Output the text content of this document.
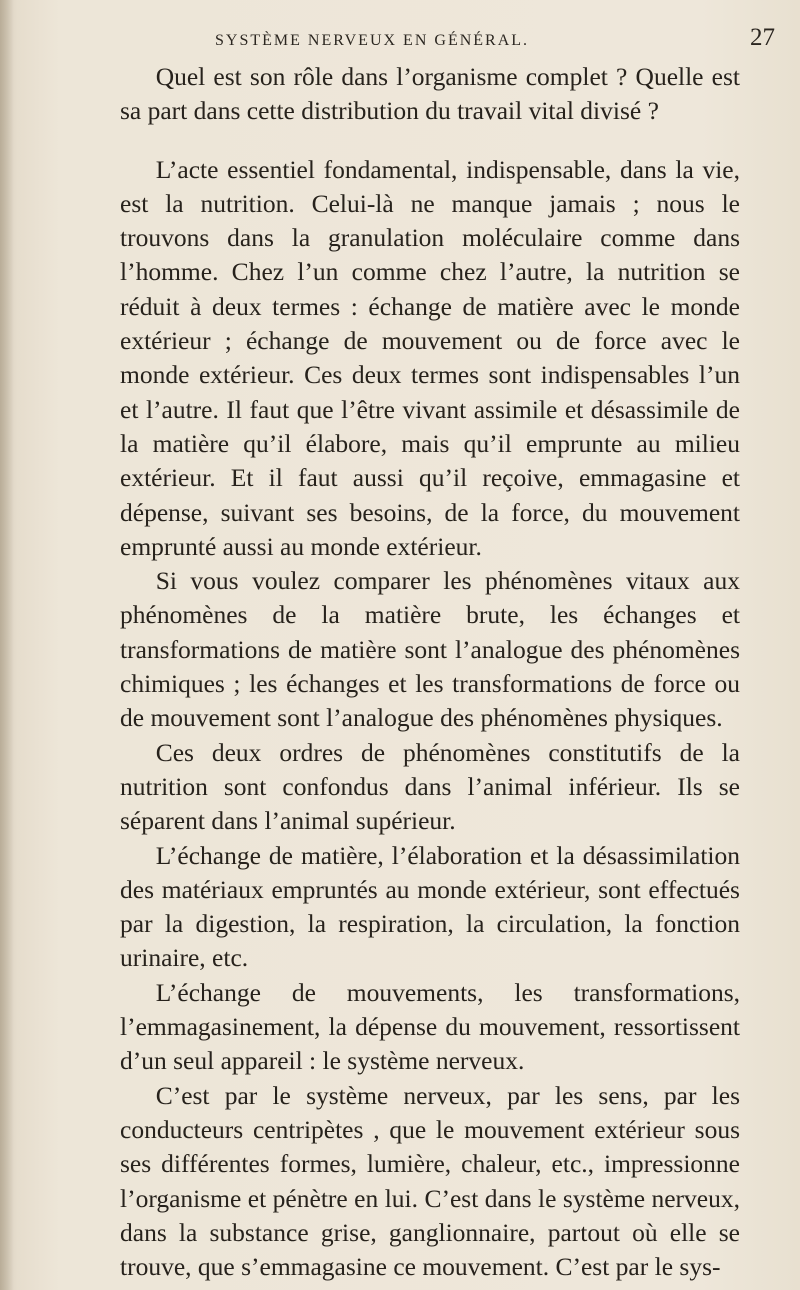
SYSTÈME NERVEUX EN GÉNÉRAL.	27

Quel est son rôle dans l’organisme complet ? Quelle est sa part dans cette distribution du travail vital divisé ?

L’acte essentiel fondamental, indispensable, dans la vie, est la nutrition. Celui-là ne manque jamais ; nous le trouvons dans la granulation moléculaire comme dans l’homme. Chez l’un comme chez l’autre, la nutrition se réduit à deux termes : échange de matière avec le monde extérieur ; échange de mouvement ou de force avec le monde extérieur. Ces deux termes sont indispensables l’un et l’autre. Il faut que l’être vivant assimile et désassimile de la matière qu’il élabore, mais qu’il emprunte au milieu extérieur. Et il faut aussi qu’il reçoive, emmagasine et dépense, suivant ses besoins, de la force, du mouvement emprunté aussi au monde extérieur.

Si vous voulez comparer les phénomènes vitaux aux phénomènes de la matière brute, les échanges et transformations de matière sont l’analogue des phénomènes chimiques ; les échanges et les transformations de force ou de mouvement sont l’analogue des phénomènes physiques.

Ces deux ordres de phénomènes constitutifs de la nutrition sont confondus dans l’animal inférieur. Ils se séparent dans l’animal supérieur.

L’échange de matière, l’élaboration et la désassimilation des matériaux empruntés au monde extérieur, sont effectués par la digestion, la respiration, la circulation, la fonction urinaire, etc.

L’échange de mouvements, les transformations, l’emmagasinement, la dépense du mouvement, ressortissent d’un seul appareil : le système nerveux.

C’est par le système nerveux, par les sens, par les conducteurs centripètes , que le mouvement extérieur sous ses différentes formes, lumière, chaleur, etc., impressionne l’organisme et pénètre en lui. C’est dans le système nerveux, dans la substance grise, ganglionnaire, partout où elle se trouve, que s’emmagasine ce mouvement. C’est par le sys-
